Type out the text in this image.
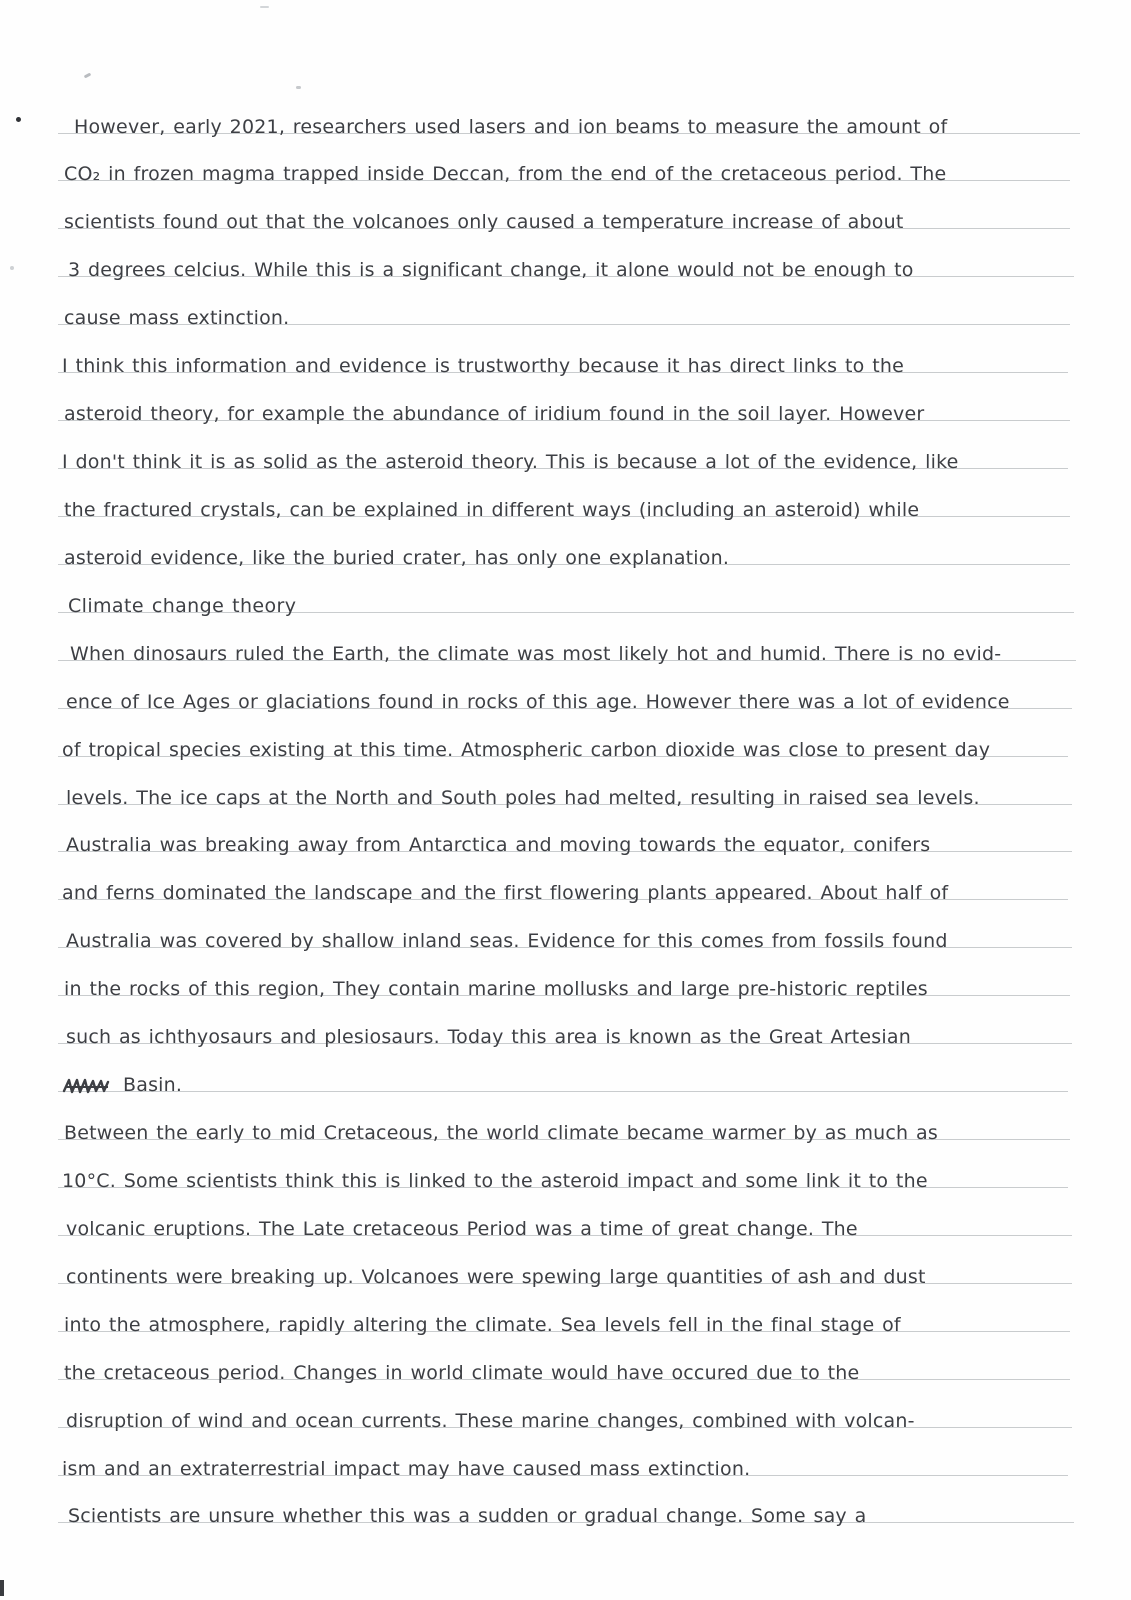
However, early 2021, researchers used lasers and ion beams to measure the amount of
CO₂ in frozen magma trapped inside Deccan, from the end of the cretaceous period. The
scientists found out that the volcanoes only caused a temperature increase of about
3 degrees celcius. While this is a significant change, it alone would not be enough to
cause mass extinction.
I think this information and evidence is trustworthy because it has direct links to the
asteroid theory, for example the abundance of iridium found in the soil layer. However
I don't think it is as solid as the asteroid theory. This is because a lot of the evidence, like
the fractured crystals, can be explained in different ways (including an asteroid) while
asteroid evidence, like the buried crater, has only one explanation.
Climate change theory
When dinosaurs ruled the Earth, the climate was most likely hot and humid. There is no evid-
ence of Ice Ages or glaciations found in rocks of this age. However there was a lot of evidence
of tropical species existing at this time. Atmospheric carbon dioxide was close to present day
levels. The ice caps at the North and South poles had melted, resulting in raised sea levels.
Australia was breaking away from Antarctica and moving towards the equator, conifers
and ferns dominated the landscape and the first flowering plants appeared. About half of
Australia was covered by shallow inland seas. Evidence for this comes from fossils found
in the rocks of this region, They contain marine mollusks and large pre-historic reptiles
such as ichthyosaurs and plesiosaurs. Today this area is known as the Great Artesian
Basin.
Between the early to mid Cretaceous, the world climate became warmer by as much as
10°C. Some scientists think this is linked to the asteroid impact and some link it to the
volcanic eruptions. The Late cretaceous Period was a time of great change. The
continents were breaking up. Volcanoes were spewing large quantities of ash and dust
into the atmosphere, rapidly altering the climate. Sea levels fell in the final stage of
the cretaceous period. Changes in world climate would have occured due to the
disruption of wind and ocean currents. These marine changes, combined with volcan-
ism and an extraterrestrial impact may have caused mass extinction.
Scientists are unsure whether this was a sudden or gradual change. Some say a
